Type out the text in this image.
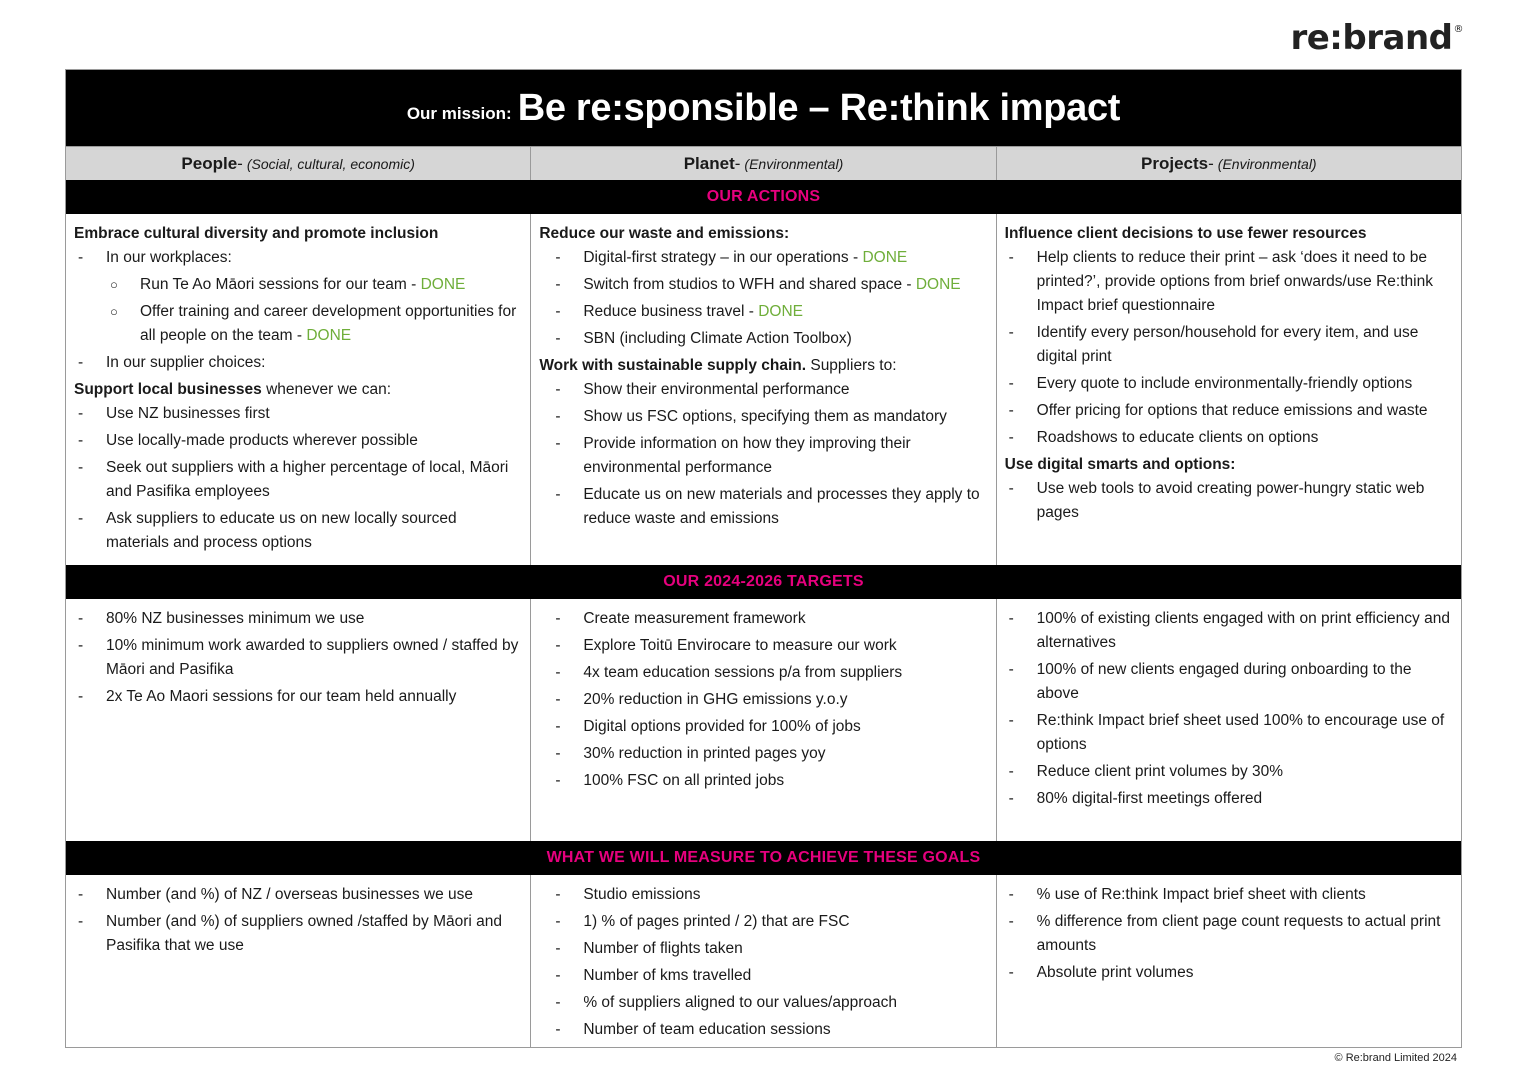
re:brand®
Our mission: Be re:sponsible – Re:think impact
People - (Social, cultural, economic)	Planet - (Environmental)	Projects - (Environmental)
OUR ACTIONS
Embrace cultural diversity and promote inclusion
- In our workplaces:
○ Run Te Ao Māori sessions for our team - DONE
○ Offer training and career development opportunities for all people on the team - DONE
- In our supplier choices:
Support local businesses whenever we can:
- Use NZ businesses first
- Use locally-made products wherever possible
- Seek out suppliers with a higher percentage of local, Māori and Pasifika employees
- Ask suppliers to educate us on new locally sourced materials and process options
Reduce our waste and emissions:
- Digital-first strategy – in our operations - DONE
- Switch from studios to WFH and shared space - DONE
- Reduce business travel - DONE
- SBN (including Climate Action Toolbox)
Work with sustainable supply chain. Suppliers to:
- Show their environmental performance
- Show us FSC options, specifying them as mandatory
- Provide information on how they improving their environmental performance
- Educate us on new materials and processes they apply to reduce waste and emissions
Influence client decisions to use fewer resources
- Help clients to reduce their print – ask ‘does it need to be printed?’, provide options from brief onwards/use Re:think Impact brief questionnaire
- Identify every person/household for every item, and use digital print
- Every quote to include environmentally-friendly options
- Offer pricing for options that reduce emissions and waste
- Roadshows to educate clients on options
Use digital smarts and options:
- Use web tools to avoid creating power-hungry static web pages
OUR 2024-2026 TARGETS
- 80% NZ businesses minimum we use
- 10% minimum work awarded to suppliers owned / staffed by Māori and Pasifika
- 2x Te Ao Maori sessions for our team held annually
- Create measurement framework
- Explore Toitū Envirocare to measure our work
- 4x team education sessions p/a from suppliers
- 20% reduction in GHG emissions y.o.y
- Digital options provided for 100% of jobs
- 30% reduction in printed pages yoy
- 100% FSC on all printed jobs
- 100% of existing clients engaged with on print efficiency and alternatives
- 100% of new clients engaged during onboarding to the above
- Re:think Impact brief sheet used 100% to encourage use of options
- Reduce client print volumes by 30%
- 80% digital-first meetings offered
WHAT WE WILL MEASURE TO ACHIEVE THESE GOALS
- Number (and %) of NZ / overseas businesses we use
- Number (and %) of suppliers owned /staffed by Māori and Pasifika that we use
- Studio emissions
- 1) % of pages printed / 2) that are FSC
- Number of flights taken
- Number of kms travelled
- % of suppliers aligned to our values/approach
- Number of team education sessions
- % use of Re:think Impact brief sheet with clients
- % difference from client page count requests to actual print amounts
- Absolute print volumes
© Re:brand Limited 2024
